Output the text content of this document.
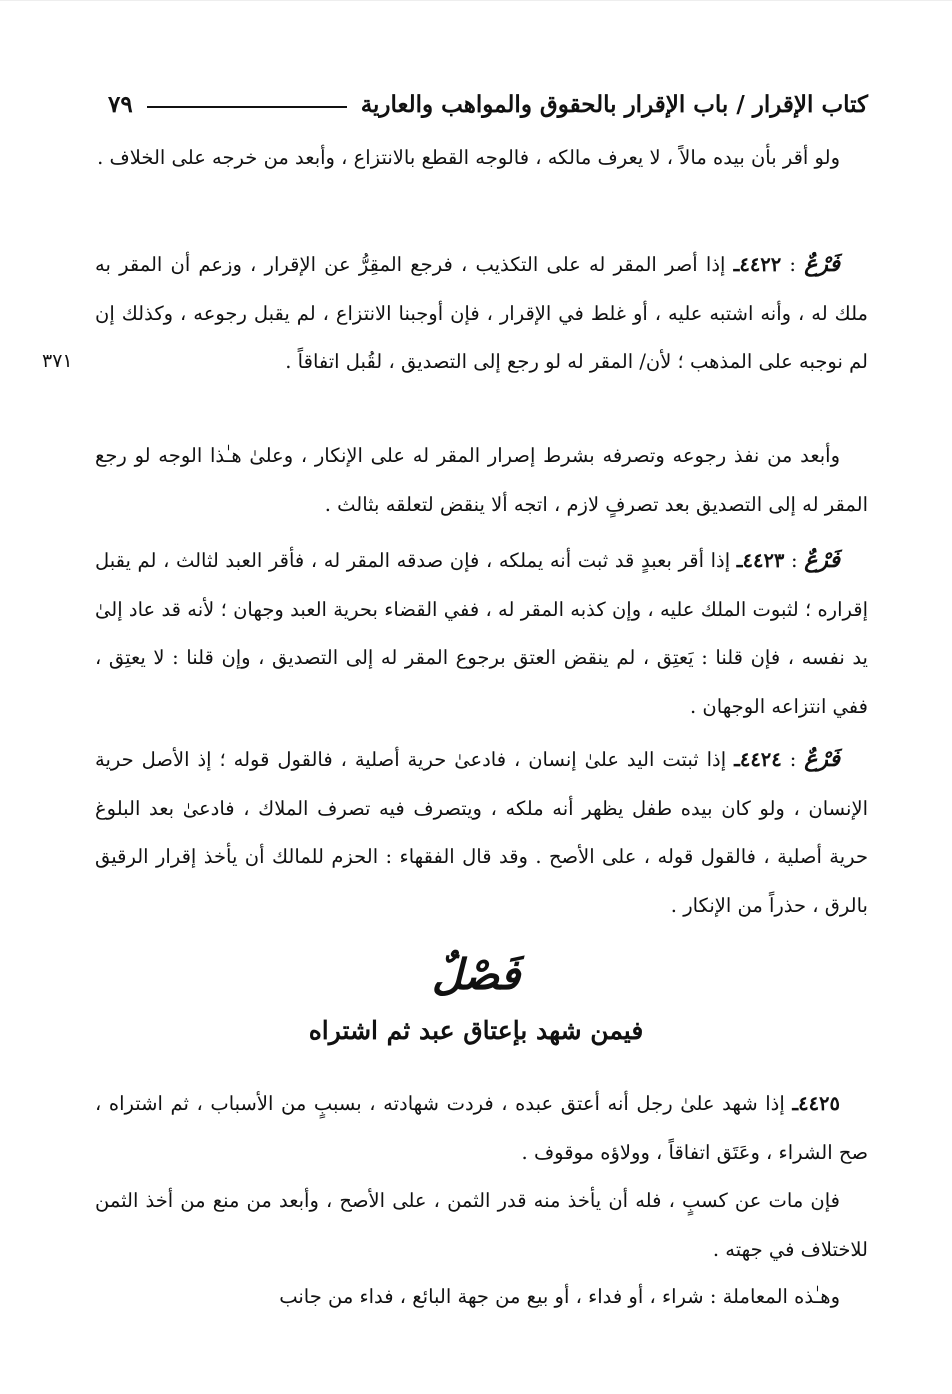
كتاب الإقرار / باب الإقرار بالحقوق والمواهب والعارية
٧٩
ولو أقر بأن بيده مالاً ، لا يعرف مالكه ، فالوجه القطع بالانتزاع ، وأبعد من خرجه على الخلاف .
فَرْعٌ : ٤٤٢٢ـ إذا أصر المقر له على التكذيب ، فرجع المقِرُّ عن الإقرار ، وزعم أن المقر به ملك له ، وأنه اشتبه عليه ، أو غلط في الإقرار ، فإن أوجبنا الانتزاع ، لم يقبل رجوعه ، وكذلك إن لم نوجبه على المذهب ؛ لأن/ المقر له لو رجع إلى التصديق ، لقُبل اتفاقاً .
٣٧١
وأبعد من نفذ رجوعه وتصرفه بشرط إصرار المقر له على الإنكار ، وعلىٰ هـٰذا الوجه لو رجع المقر له إلى التصديق بعد تصرفٍ لازم ، اتجه ألا ينقض لتعلقه بثالث .
فَرْعٌ : ٤٤٢٣ـ إذا أقر بعبدٍ قد ثبت أنه يملكه ، فإن صدقه المقر له ، فأقر العبد لثالث ، لم يقبل إقراره ؛ لثبوت الملك عليه ، وإن كذبه المقر له ، ففي القضاء بحرية العبد وجهان ؛ لأنه قد عاد إلىٰ يد نفسه ، فإن قلنا : يَعتِق ، لم ينقض العتق برجوع المقر له إلى التصديق ، وإن قلنا : لا يعتِق ، ففي انتزاعه الوجهان .
فَرْعٌ : ٤٤٢٤ـ إذا ثبتت اليد علىٰ إنسان ، فادعىٰ حرية أصلية ، فالقول قوله ؛ إذ الأصل حرية الإنسان ، ولو كان بيده طفل يظهر أنه ملكه ، ويتصرف فيه تصرف الملاك ، فادعىٰ بعد البلوغ حرية أصلية ، فالقول قوله ، على الأصح . وقد قال الفقهاء : الحزم للمالك أن يأخذ إقرار الرقيق بالرق ، حذراً من الإنكار .
فَصْلٌ
فيمن شهد بإعتاق عبد ثم اشتراه
٤٤٢٥ـ إذا شهد علىٰ رجل أنه أعتق عبده ، فردت شهادته ، بسببٍ من الأسباب ، ثم اشتراه ، صح الشراء ، وعَتَق اتفاقاً ، وولاؤه موقوف .
فإن مات عن كسبٍ ، فله أن يأخذ منه قدر الثمن ، على الأصح ، وأبعد من منع من أخذ الثمن للاختلاف في جهته .
وهـٰذه المعاملة : شراء ، أو فداء ، أو بيع من جهة البائع ، فداء من جانب
